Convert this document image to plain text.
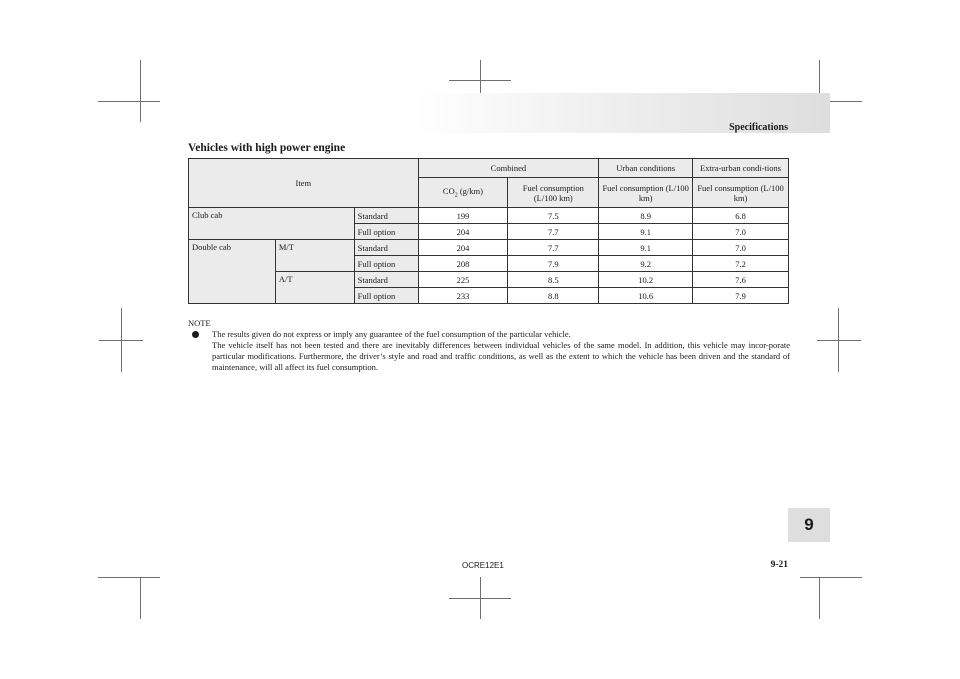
Specifications
Vehicles with high power engine
Item			Combined		Urban conditions	Extra-urban condi-tions
			$CO_2$ (g/km)	Fuel consumption (L/100 km)	Fuel consumption (L/100 km)	Fuel consumption (L/100 km)
Club cab		Standard	199	7.5	8.9	6.8
		Full option	204	7.7	9.1	7.0
Double cab	M/T	Standard	204	7.7	9.1	7.0
		Full option	208	7.9	9.2	7.2
	A/T	Standard	225	8.5	10.2	7.6
		Full option	233	8.8	10.6	7.9
NOTE
The results given do not express or imply any guarantee of the fuel consumption of the particular vehicle.
The vehicle itself has not been tested and there are inevitably differences between individual vehicles of the same model. In addition, this vehicle may incor-porate particular modifications. Furthermore, the driver’s style and road and traffic conditions, as well as the extent to which the vehicle has been driven and the standard of maintenance, will all affect its fuel consumption.
9
9-21
OCRE12E1
